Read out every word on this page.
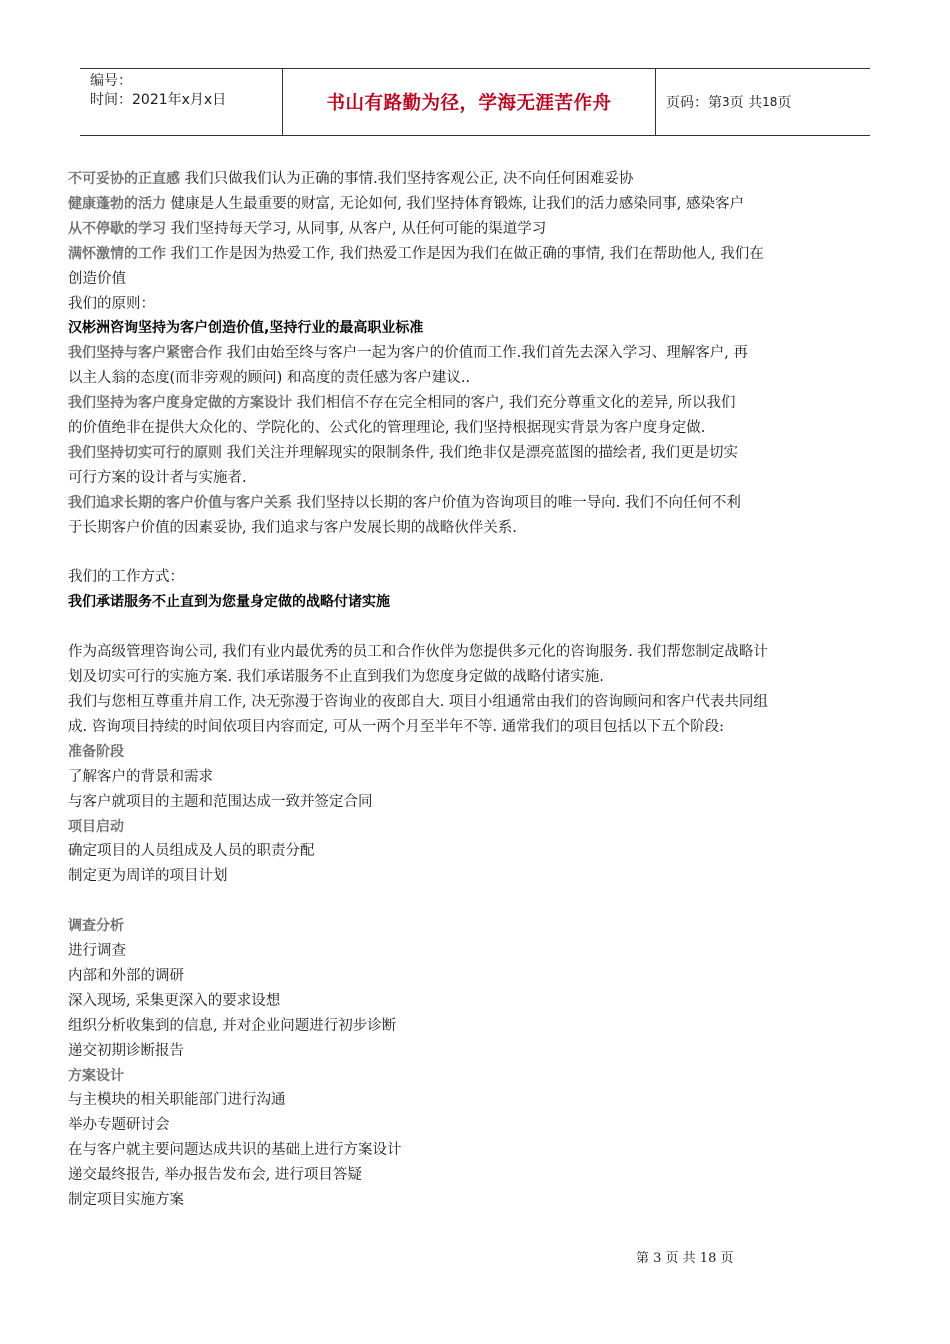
编号：
时间：2021年x月x日	书山有路勤为径，学海无涯苦作舟	页码：第 3 页 共 18 页
不可妥协的正直感 我们只做我们认为正确的事情.我们坚持客观公正, 决不向任何困难妥协
健康蓬勃的活力 健康是人生最重要的财富, 无论如何, 我们坚持体育锻炼, 让我们的活力感染同事, 感染客户
从不停歇的学习 我们坚持每天学习, 从同事, 从客户, 从任何可能的渠道学习
满怀激情的工作 我们工作是因为热爱工作, 我们热爱工作是因为我们在做正确的事情, 我们在帮助他人, 我们在
创造价值
我们的原则：
汉彬洲咨询坚持为客户创造价值,坚持行业的最高职业标准
我们坚持与客户紧密合作 我们由始至终与客户一起为客户的价值而工作.我们首先去深入学习、理解客户, 再
以主人翁的态度(而非旁观的顾问) 和高度的责任感为客户建议..
我们坚持为客户度身定做的方案设计 我们相信不存在完全相同的客户, 我们充分尊重文化的差异, 所以我们
的价值绝非在提供大众化的、学院化的、公式化的管理理论, 我们坚持根据现实背景为客户度身定做.
我们坚持切实可行的原则 我们关注并理解现实的限制条件, 我们绝非仅是漂亮蓝图的描绘者, 我们更是切实
可行方案的设计者与实施者.
我们追求长期的客户价值与客户关系 我们坚持以长期的客户价值为咨询项目的唯一导向. 我们不向任何不利
于长期客户价值的因素妥协, 我们追求与客户发展长期的战略伙伴关系.
我们的工作方式：
我们承诺服务不止直到为您量身定做的战略付诸实施
作为高级管理咨询公司, 我们有业内最优秀的员工和合作伙伴为您提供多元化的咨询服务. 我们帮您制定战略计
划及切实可行的实施方案. 我们承诺服务不止直到我们为您度身定做的战略付诸实施.
我们与您相互尊重并肩工作, 决无弥漫于咨询业的夜郎自大. 项目小组通常由我们的咨询顾问和客户代表共同组
成. 咨询项目持续的时间依项目内容而定, 可从一两个月至半年不等. 通常我们的项目包括以下五个阶段:
准备阶段
了解客户的背景和需求
与客户就项目的主题和范围达成一致并签定合同
项目启动
确定项目的人员组成及人员的职责分配
制定更为周详的项目计划
调查分析
进行调查
内部和外部的调研
深入现场, 采集更深入的要求设想
组织分析收集到的信息, 并对企业问题进行初步诊断
递交初期诊断报告
方案设计
与主模块的相关职能部门进行沟通
举办专题研讨会
在与客户就主要问题达成共识的基础上进行方案设计
递交最终报告, 举办报告发布会, 进行项目答疑
制定项目实施方案
第 3 页 共 18 页
